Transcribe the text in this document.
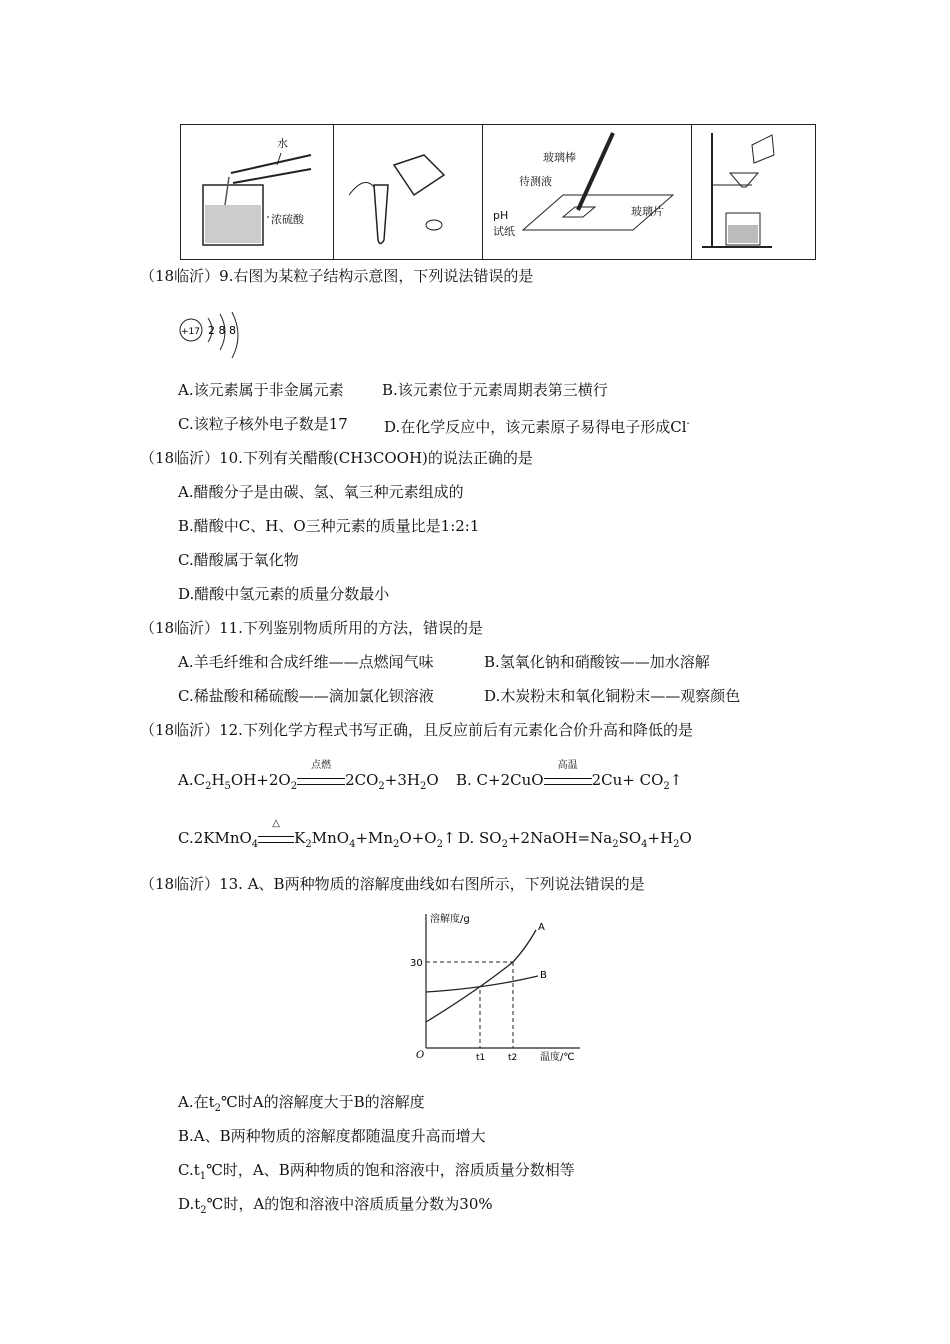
水
浓硫酸
玻璃棒
待测液
pH
试纸
玻璃片
（18临沂）9.右图为某粒子结构示意图，下列说法错误的是
+17 2 8 8
A.该元素属于非金属元素	B.该元素位于元素周期表第三横行
C.该粒子核外电子数是17 D.在化学反应中，该元素原子易得电子形成Cl-
（18临沂）10.下列有关醋酸(CH3COOH)的说法正确的是
A.醋酸分子是由碳、氢、氧三种元素组成的
B.醋酸中C、H、O三种元素的质量比是1:2:1
C.醋酸属于氧化物
D.醋酸中氢元素的质量分数最小
（18临沂）11.下列鉴别物质所用的方法，错误的是
A.羊毛纤维和合成纤维——点燃闻气味	B.氢氧化钠和硝酸铵——加水溶解
C.稀盐酸和稀硫酸——滴加氯化钡溶液	D.木炭粉末和氧化铜粉末——观察颜色
（18临沂）12.下列化学方程式书写正确，且反应前后有元素化合价升高和降低的是
$A.C_2H_5OH+2O_2$
点燃
$2CO_2+3H_2O$ B. C+2CuO
高温
$2Cu+ CO_2↑$
C.2KMnO$_4$
△
$K_2MnO_4+Mn_2O+O_2↑$ D. $SO_2+2NaOH=Na_2SO_4+H_2O$
（18临沂）13. A、B两种物质的溶解度曲线如右图所示，下列说法错误的是
溶解度/g
温度/℃
O
30
t1	t2
A
B
A.在$t_2℃$时A的溶解度大于B的溶解度
B.A、B两种物质的溶解度都随温度升高而增大
$C.t_1℃$时，A、B两种物质的饱和溶液中，溶质质量分数相等
$D.t_2℃$时，A的饱和溶液中溶质质量分数为30%
